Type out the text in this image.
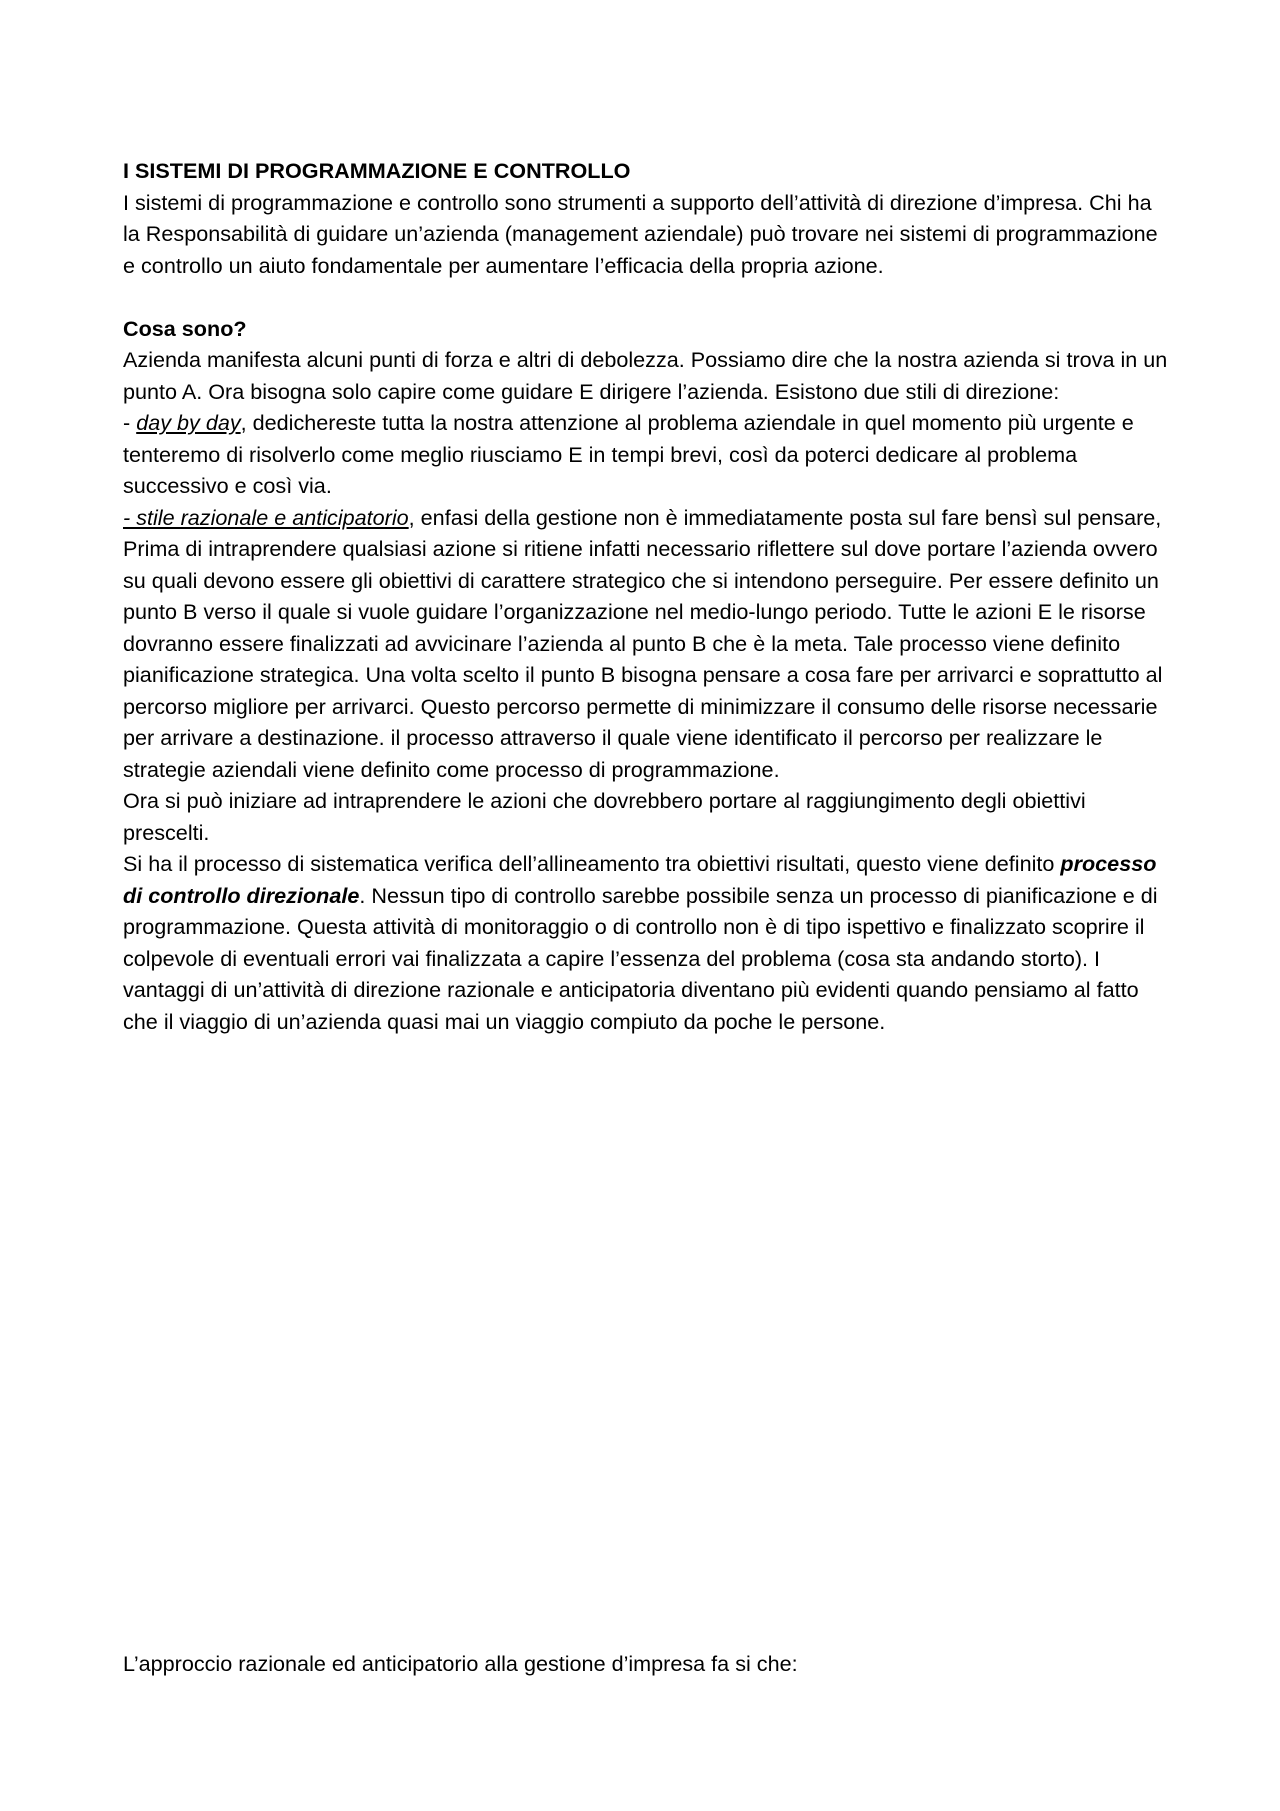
I SISTEMI DI PROGRAMMAZIONE E CONTROLLO

I sistemi di programmazione e controllo sono strumenti a supporto dell’attività di direzione d’impresa. Chi ha la Responsabilità di guidare un’azienda (management aziendale) può trovare nei sistemi di programmazione e controllo un aiuto fondamentale per aumentare l’efficacia della propria azione.

Cosa sono?

Azienda manifesta alcuni punti di forza e altri di debolezza. Possiamo dire che la nostra azienda si trova in un punto A. Ora bisogna solo capire come guidare E dirigere l’azienda. Esistono due stili di direzione:

- day by day, dedichereste tutta la nostra attenzione al problema aziendale in quel momento più urgente e tenteremo di risolverlo come meglio riusciamo E in tempi brevi, così da poterci dedicare al problema successivo e così via.

- stile razionale e anticipatorio, enfasi della gestione non è immediatamente posta sul fare bensì sul pensare, Prima di intraprendere qualsiasi azione si ritiene infatti necessario riflettere sul dove portare l’azienda ovvero su quali devono essere gli obiettivi di carattere strategico che si intendono perseguire. Per essere definito un punto B verso il quale si vuole guidare l’organizzazione nel medio-lungo periodo. Tutte le azioni E le risorse dovranno essere finalizzati ad avvicinare l’azienda al punto B che è la meta. Tale processo viene definito pianificazione strategica. Una volta scelto il punto B bisogna pensare a cosa fare per arrivarci e soprattutto al percorso migliore per arrivarci. Questo percorso permette di minimizzare il consumo delle risorse necessarie per arrivare a destinazione. il processo attraverso il quale viene identificato il percorso per realizzare le strategie aziendali viene definito come processo di programmazione.

Ora si può iniziare ad intraprendere le azioni che dovrebbero portare al raggiungimento degli obiettivi prescelti.

Si ha il processo di sistematica verifica dell’allineamento tra obiettivi risultati, questo viene definito processo di controllo direzionale. Nessun tipo di controllo sarebbe possibile senza un processo di pianificazione e di programmazione. Questa attività di monitoraggio o di controllo non è di tipo ispettivo e finalizzato scoprire il colpevole di eventuali errori vai finalizzata a capire l’essenza del problema (cosa sta andando storto). I vantaggi di un’attività di direzione razionale e anticipatoria diventano più evidenti quando pensiamo al fatto che il viaggio di un’azienda quasi mai un viaggio compiuto da poche le persone.

L’approccio razionale ed anticipatorio alla gestione d’impresa fa si che:
